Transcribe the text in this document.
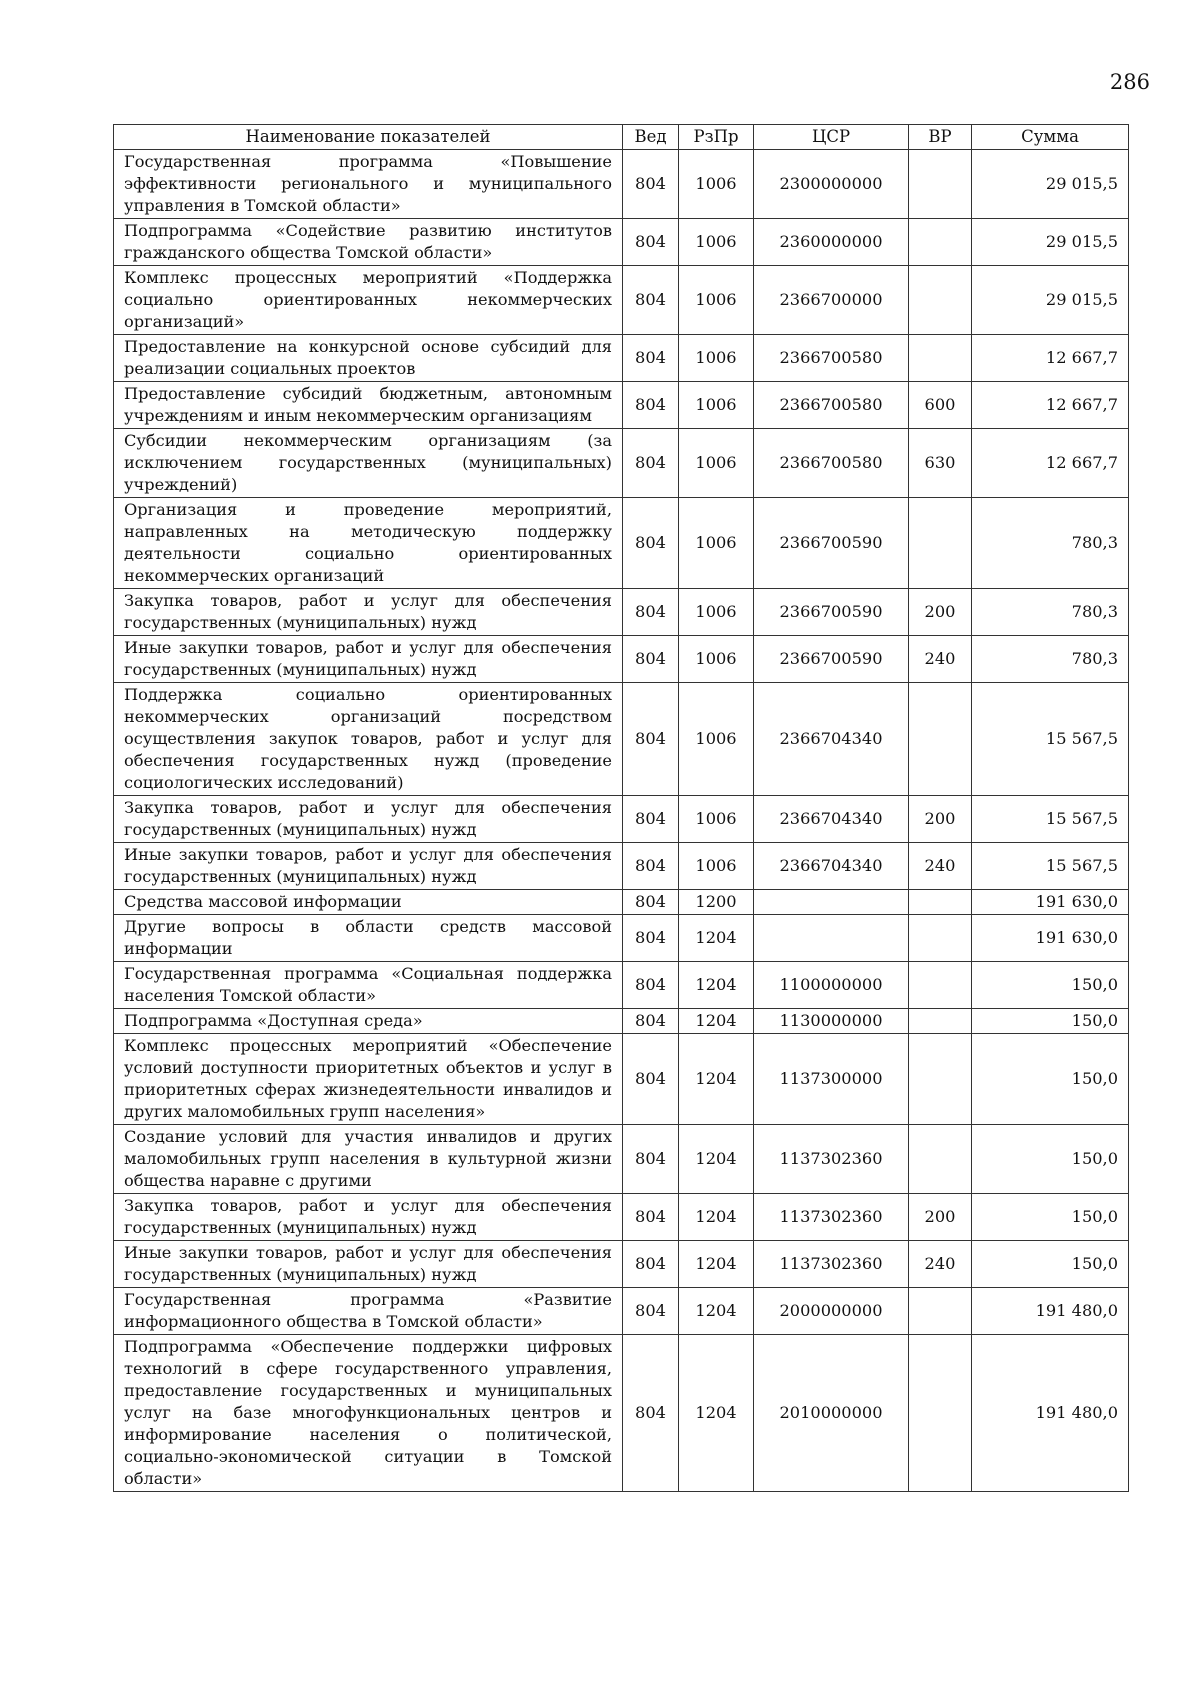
286
Наименование показателей	Вед	РзПр	ЦСР	ВР	Сумма
Государственная программа «Повышение эффективности регионального и муниципального управления в Томской области»	804	1006	2300000000		29 015,5
Подпрограмма «Содействие развитию институтов гражданского общества Томской области»	804	1006	2360000000		29 015,5
Комплекс процессных мероприятий «Поддержка социально ориентированных некоммерческих организаций»	804	1006	2366700000		29 015,5
Предоставление на конкурсной основе субсидий для реализации социальных проектов	804	1006	2366700580		12 667,7
Предоставление субсидий бюджетным, автономным учреждениям и иным некоммерческим организациям	804	1006	2366700580	600	12 667,7
Субсидии некоммерческим организациям (за исключением государственных (муниципальных) учреждений)	804	1006	2366700580	630	12 667,7
Организация и проведение мероприятий, направленных на методическую поддержку деятельности социально ориентированных некоммерческих организаций	804	1006	2366700590		780,3
Закупка товаров, работ и услуг для обеспечения государственных (муниципальных) нужд	804	1006	2366700590	200	780,3
Иные закупки товаров, работ и услуг для обеспечения государственных (муниципальных) нужд	804	1006	2366700590	240	780,3
Поддержка социально ориентированных некоммерческих организаций посредством осуществления закупок товаров, работ и услуг для обеспечения государственных нужд (проведение социологических исследований)	804	1006	2366704340		15 567,5
Закупка товаров, работ и услуг для обеспечения государственных (муниципальных) нужд	804	1006	2366704340	200	15 567,5
Иные закупки товаров, работ и услуг для обеспечения государственных (муниципальных) нужд	804	1006	2366704340	240	15 567,5
Средства массовой информации	804	1200			191 630,0
Другие вопросы в области средств массовой информации	804	1204			191 630,0
Государственная программа «Социальная поддержка населения Томской области»	804	1204	1100000000		150,0
Подпрограмма «Доступная среда»	804	1204	1130000000		150,0
Комплекс процессных мероприятий «Обеспечение условий доступности приоритетных объектов и услуг в приоритетных сферах жизнедеятельности инвалидов и других маломобильных групп населения»	804	1204	1137300000		150,0
Создание условий для участия инвалидов и других маломобильных групп населения в культурной жизни общества наравне с другими	804	1204	1137302360		150,0
Закупка товаров, работ и услуг для обеспечения государственных (муниципальных) нужд	804	1204	1137302360	200	150,0
Иные закупки товаров, работ и услуг для обеспечения государственных (муниципальных) нужд	804	1204	1137302360	240	150,0
Государственная программа «Развитие информационного общества в Томской области»	804	1204	2000000000		191 480,0
Подпрограмма «Обеспечение поддержки цифровых технологий в сфере государственного управления, предоставление государственных и муниципальных услуг на базе многофункциональных центров и информирование населения о политической, социально-экономической ситуации в Томской области»	804	1204	2010000000		191 480,0
